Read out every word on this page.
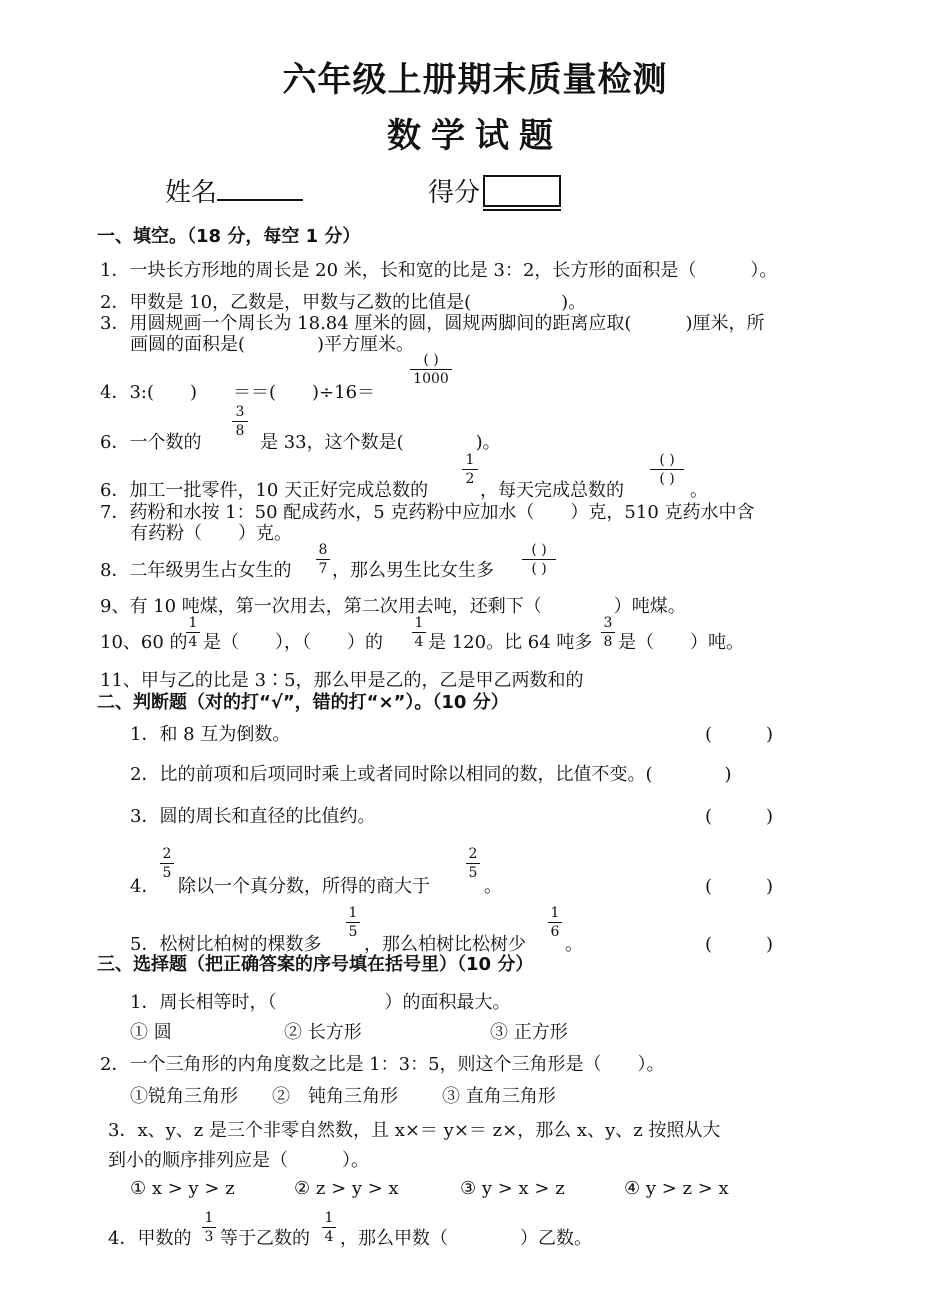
六年级上册期末质量检测
数学试题
姓名	得分
一、填空。（18 分，每空 1 分）
1．一块长方形地的周长是 20 米，长和宽的比是 3：2，长方形的面积是（　　　）。
2．甲数是 10，乙数是，甲数与乙数的比值是(　　　　　)。
3．用圆规画一个周长为 18.84 厘米的圆，圆规两脚间的距离应取(　　　)厘米，所
画圆的面积是(　　　　)平方厘米。
4．3:(　　)　　＝＝(　　)÷16＝
( )
1000
6．一个数的
3
8
是 33，这个数是(　　　　)。
6．加工一批零件，10 天正好完成总数的
1
2
，每天完成总数的
( )
( )
。
7．药粉和水按 1：50 配成药水，5 克药粉中应加水（　　）克，510 克药水中含
有药粉（　　）克。
8．二年级男生占女生的
8
7 ，那么男生比女生多
( )
( )
9、有 10 吨煤，第一次用去，第二次用去吨，还剩下（　　　　）吨煤。
10、60 的
1
4 是（　　），（　　）的
1
4 是 120。比 64 吨多
3
8 是（　　）吨。
11、甲与乙的比是 3∶5，那么甲是乙的，乙是甲乙两数和的
二、判断题（对的打“√”，错的打“×”）。（10 分）
1．和 8 互为倒数。	(　　　)
2．比的前项和后项同时乘上或者同时除以相同的数，比值不变。(　　　　)
3．圆的周长和直径的比值约。	(　　　)
4．
2
5
除以一个真分数，所得的商大于
2
5
。	(　　　)
5．松树比柏树的棵数多
1
5
，那么柏树比松树少
1
6
。	(　　　)
三、选择题（把正确答案的序号填在括号里）（10 分）
1．周长相等时，（　　　　　　）的面积最大。
① 圆	② 长方形	③ 正方形
2．一个三角形的内角度数之比是 1：3：5，则这个三角形是（　　）。
①锐角三角形 ②　钝角三角形 ③ 直角三角形
3．x、y、z 是三个非零自然数，且 x×＝ y×＝ z×，那么 x、y、z 按照从大
到小的顺序排列应是（　　　）。
① x > y > z	② z > y > x	③ y > x > z	④ y > z > x
4．甲数的
1
3 等于乙数的
1
4 ，那么甲数（　　　　）乙数。
